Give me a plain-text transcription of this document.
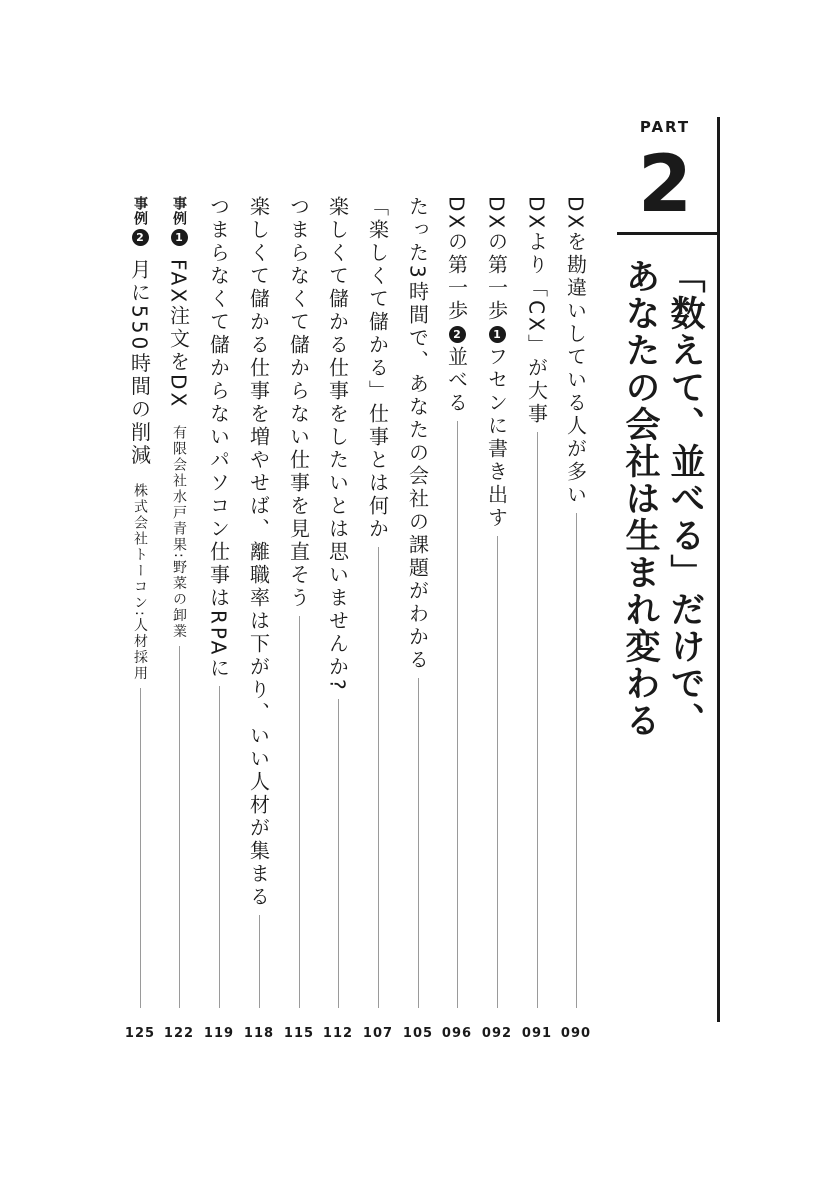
PART
2
「数えて、並べる」だけで、
あなたの会社は生まれ変わる
DXを勘違いしている人が多い
090
DXより「CX」が大事
091
DXの第一歩
1
フセンに書き出す
092
DXの第一歩
2
並べる
096
たった3時間で、あなたの会社の課題がわかる
105
「楽しくて儲かる」仕事とは何か
107
楽しくて儲かる仕事をしたいとは思いませんか?
112
つまらなくて儲からない仕事を見直そう
115
楽しくて儲かる仕事を増やせば、離職率は下がり、いい人材が集まる
118
つまらなくて儲からないパソコン仕事はRPAに
119
事例
1
FAX注文をDX
有限会社水戸青果:野菜の卸業
122
事例
2
月に550時間の削減
株式会社トーコン:人材採用
125
